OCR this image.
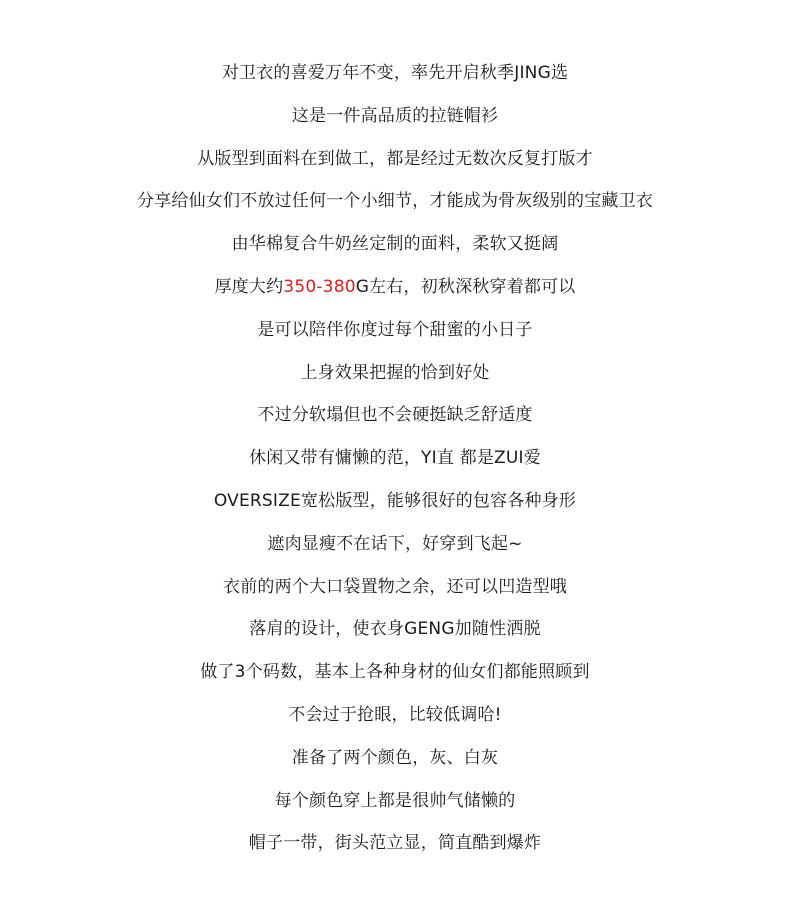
对卫衣的喜爱万年不变，率先开启秋季JING选
这是一件高品质的拉链帽衫
从版型到面料在到做工，都是经过无数次反复打版才
分享给仙女们不放过任何一个小细节，才能成为骨灰级别的宝藏卫衣
由华棉复合牛奶丝定制的面料，柔软又挺阔
厚度大约350-380G左右，初秋深秋穿着都可以
是可以陪伴你度过每个甜蜜的小日子
上身效果把握的恰到好处
不过分软塌但也不会硬挺缺乏舒适度
休闲又带有慵懒的范，YI直 都是ZUI爱
OVERSIZE宽松版型，能够很好的包容各种身形
遮肉显瘦不在话下，好穿到飞起~
衣前的两个大口袋置物之余，还可以凹造型哦
落肩的设计，使衣身GENG加随性洒脱
做了3个码数，基本上各种身材的仙女们都能照顾到
不会过于抢眼，比较低调哈!
准备了两个颜色，灰、白灰
每个颜色穿上都是很帅气储懒的
帽子一带，街头范立显，简直酷到爆炸
